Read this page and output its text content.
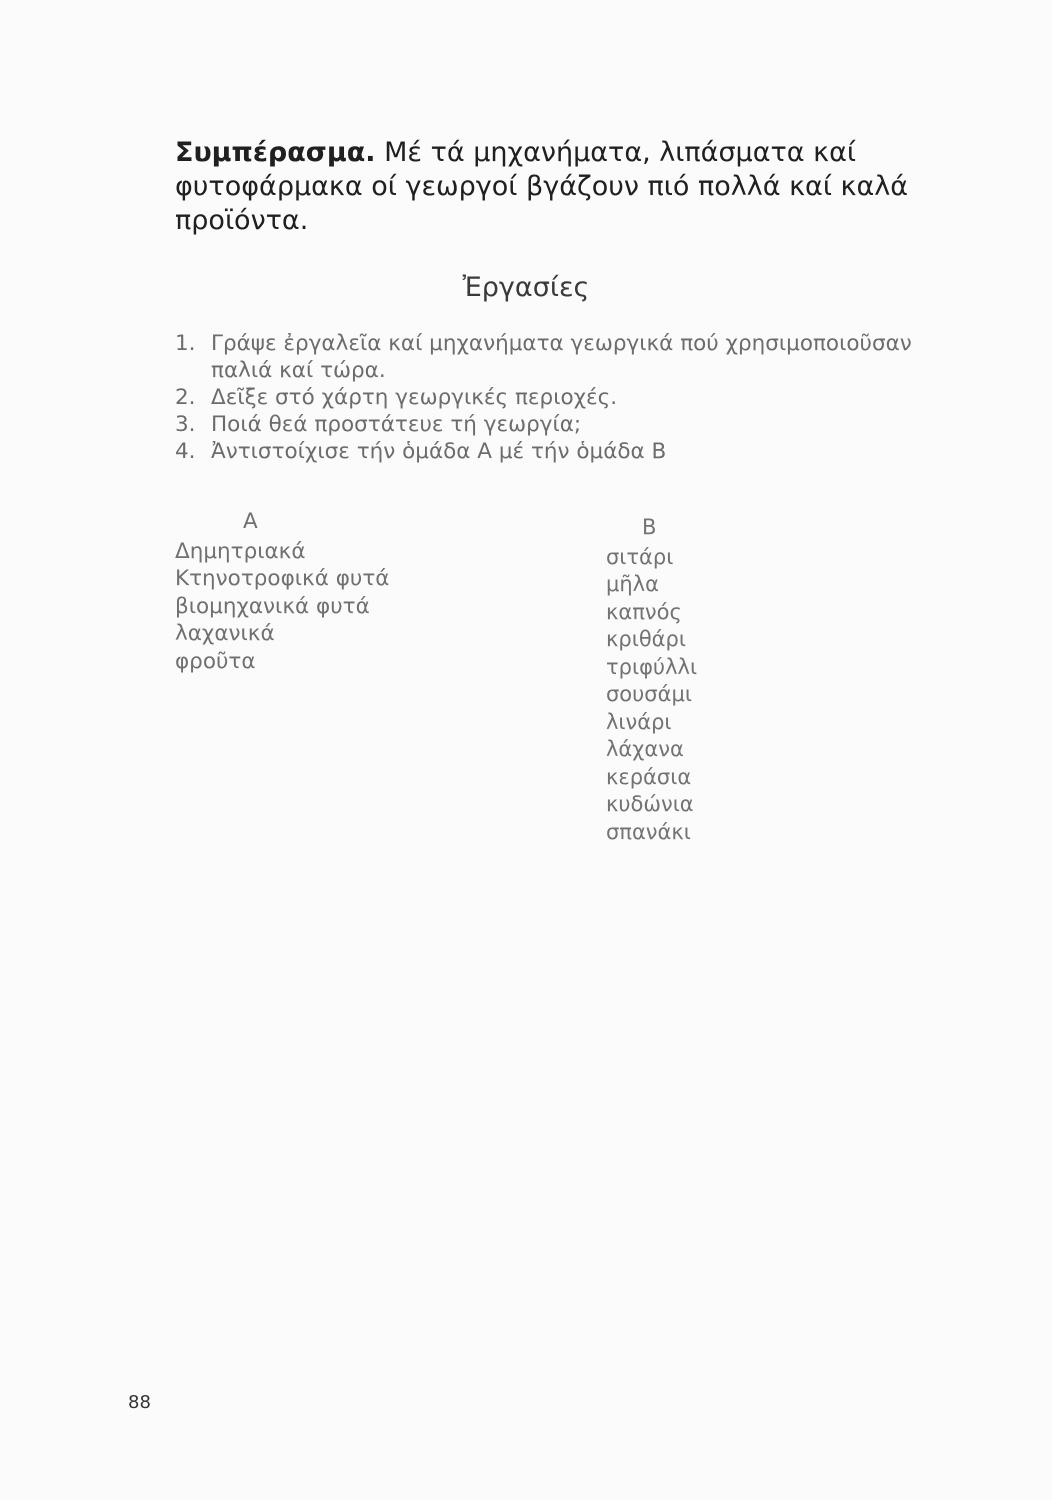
Συμπέρασμα. Μέ τά μηχανήματα, λιπάσματα καί φυτοφάρμακα οί γεωργοί βγάζουν πιό πολλά καί καλά προϊόντα.

Ἐργασίες
1. Γράψε ἐργαλεῖα καί μηχανήματα γεωργικά πού χρησιμοποιοῦσαν παλιά καί τώρα.
2. Δεῖξε στό χάρτη γεωργικές περιοχές.
3. Ποιά θεά προστάτευε τή γεωργία;
4. Ἀντιστοίχισε τήν ὁμάδα Α μέ τήν ὁμάδα Β
Α
Δημητριακά
Κτηνοτροφικά φυτά
βιομηχανικά φυτά
λαχανικά
φροῦτα
Β
σιτάρι
μῆλα
καπνός
κριθάρι
τριφύλλι
σουσάμι
λινάρι
λάχανα
κεράσια
κυδώνια
σπανάκι
88
